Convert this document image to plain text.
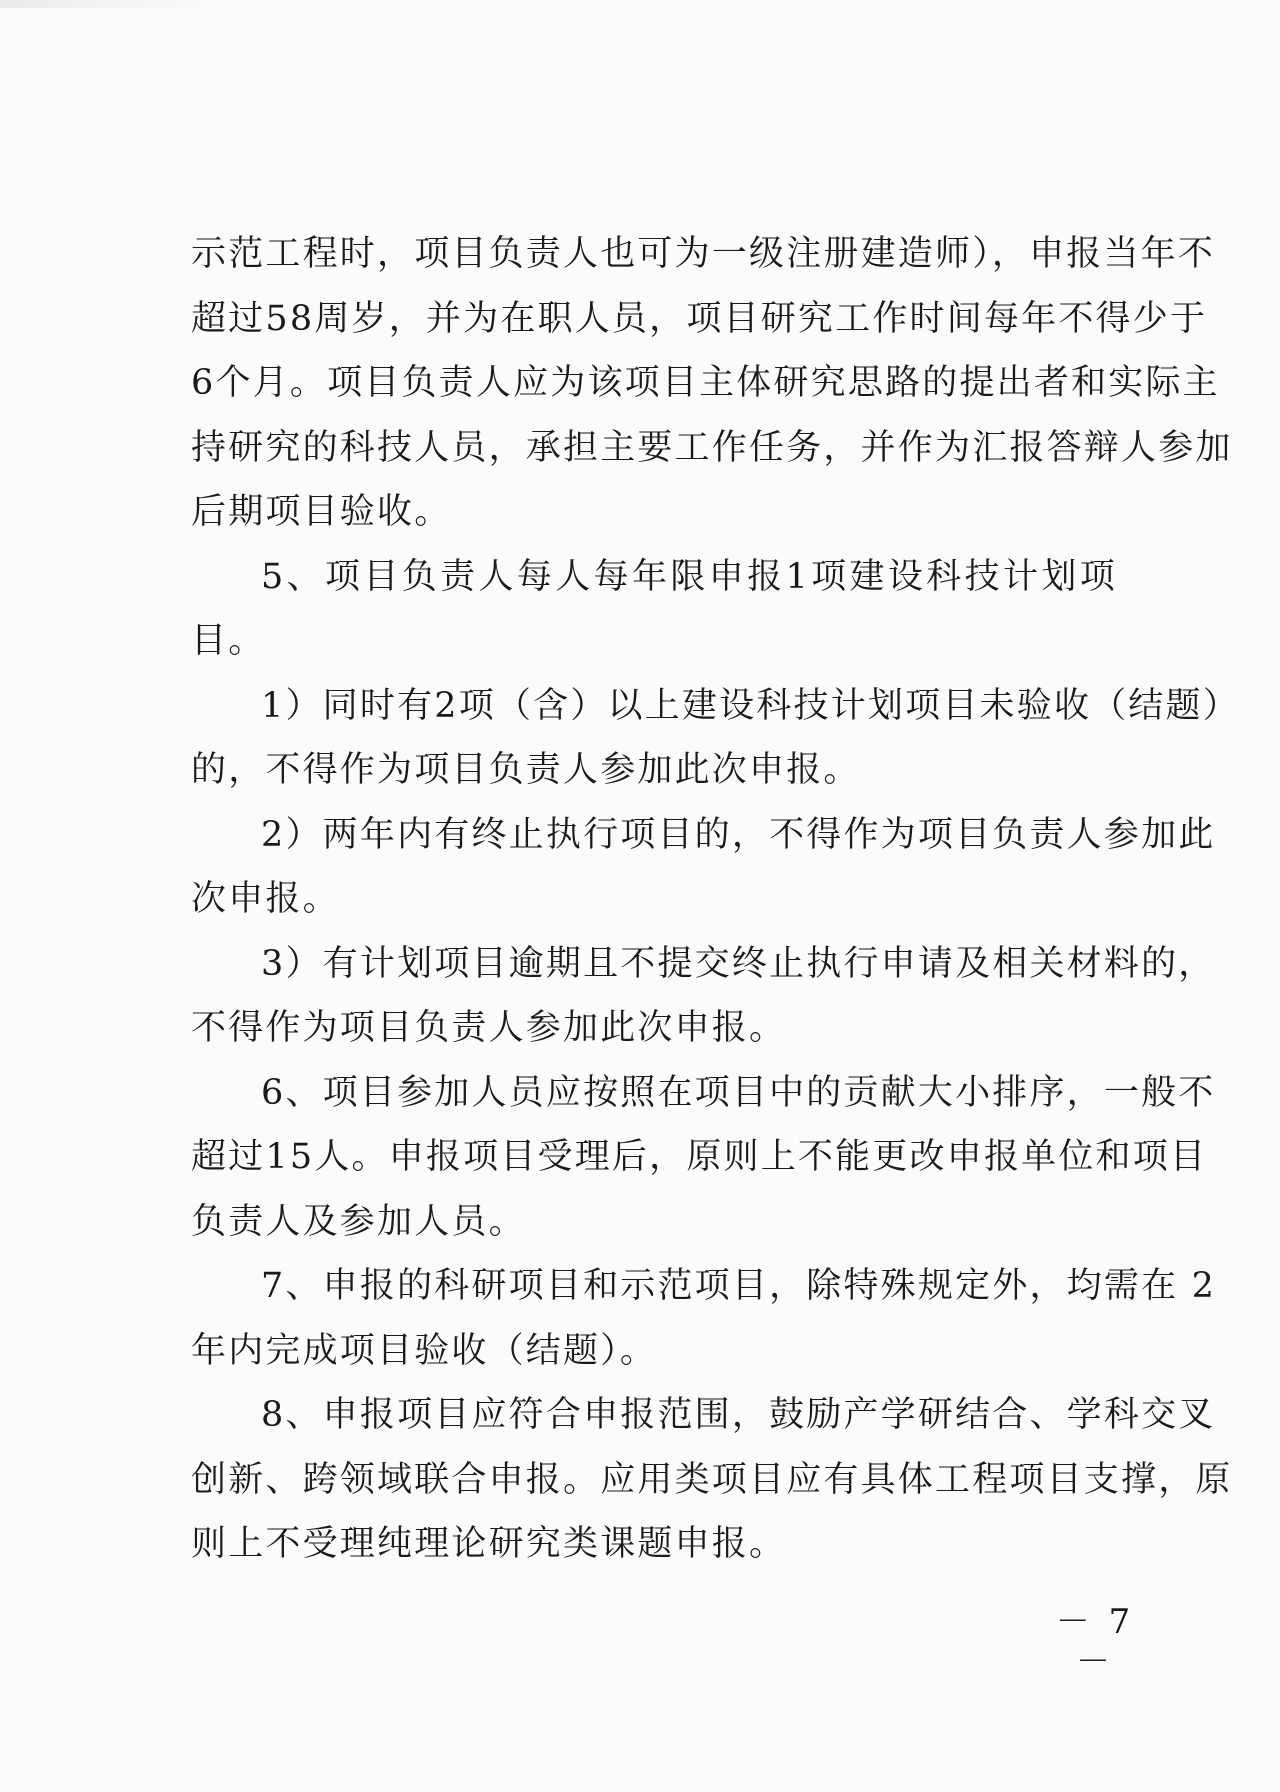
示范工程时，项目负责人也可为一级注册建造师），申报当年不
超过58周岁，并为在职人员，项目研究工作时间每年不得少于
6个月。项目负责人应为该项目主体研究思路的提出者和实际主
持研究的科技人员，承担主要工作任务，并作为汇报答辩人参加
后期项目验收。

5、项目负责人每人每年限申报1项建设科技计划项目。

1）同时有2项（含）以上建设科技计划项目未验收（结题）
的，不得作为项目负责人参加此次申报。

2）两年内有终止执行项目的，不得作为项目负责人参加此
次申报。

3）有计划项目逾期且不提交终止执行申请及相关材料的，
不得作为项目负责人参加此次申报。

6、项目参加人员应按照在项目中的贡献大小排序，一般不
超过15人。申报项目受理后，原则上不能更改申报单位和项目
负责人及参加人员。

7、申报的科研项目和示范项目，除特殊规定外，均需在 2
年内完成项目验收（结题）。

8、申报项目应符合申报范围，鼓励产学研结合、学科交叉
创新、跨领域联合申报。应用类项目应有具体工程项目支撑，原
则上不受理纯理论研究类课题申报。

－ 7 －
